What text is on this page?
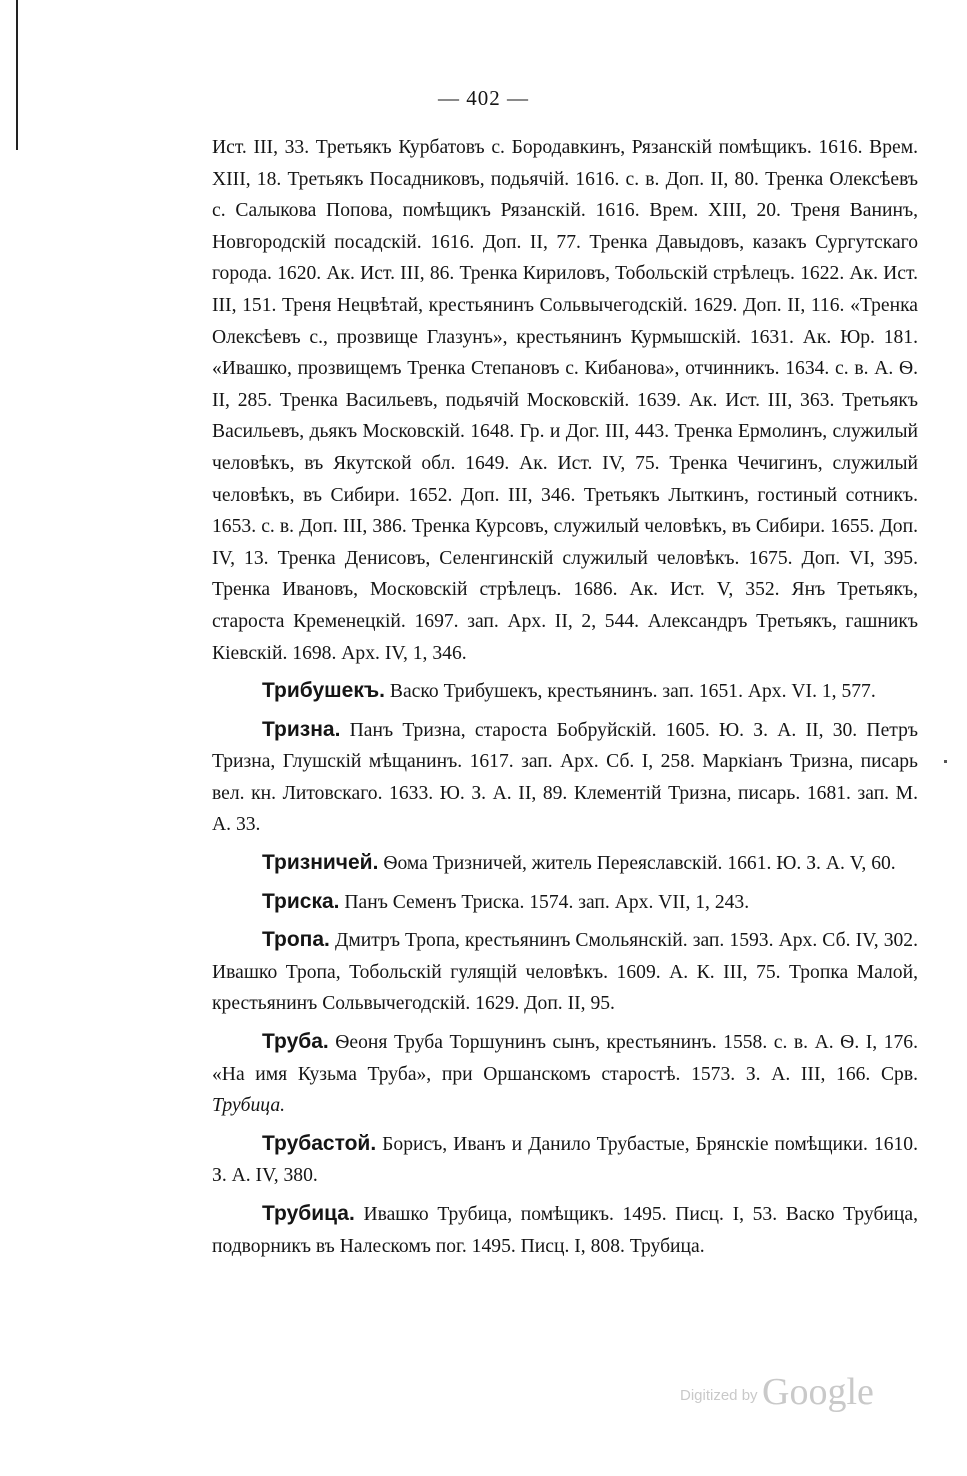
— 402 —

Ист. III, 33. Третьякъ Курбатовъ с. Бородавкинъ, Рязанскій помѣщикъ. 1616. Врем. XIII, 18. Третьякъ Посадниковъ, подьячій. 1616. с. в. Доп. II, 80. Тренка Олексѣевъ с. Салыкова Попова, помѣщикъ Рязанскій. 1616. Врем. XIII, 20. Треня Ванинъ, Новгородскій посадскій. 1616. Доп. II, 77. Тренка Давыдовъ, казакъ Сургутскаго города. 1620. Ак. Ист. III, 86. Тренка Кириловъ, Тобольскій стрѣлецъ. 1622. Ак. Ист. III, 151. Треня Нецвѣтай, крестьянинъ Сольвычегодскій. 1629. Доп. II, 116. «Тренка Олексѣевъ с., прозвище Глазунъ», крестьянинъ Курмышскій. 1631. Ак. Юр. 181. «Ивашко, прозвищемъ Тренка Степановъ с. Кибанова», отчинникъ. 1634. с. в. А. Ѳ. II, 285. Тренка Васильевъ, подьячій Московскій. 1639. Ак. Ист. III, 363. Третьякъ Васильевъ, дьякъ Московскій. 1648. Гр. и Дог. III, 443. Тренка Ермолинъ, служилый человѣкъ, въ Якутской обл. 1649. Ак. Ист. IV, 75. Тренка Чечигинъ, служилый человѣкъ, въ Сибири. 1652. Доп. III, 346. Третьякъ Лыткинъ, гостиный сотникъ. 1653. с. в. Доп. III, 386. Тренка Курсовъ, служилый человѣкъ, въ Сибири. 1655. Доп. IV, 13. Тренка Денисовъ, Селенгинскій служилый человѣкъ. 1675. Доп. VI, 395. Тренка Ивановъ, Московскій стрѣлецъ. 1686. Ак. Ист. V, 352. Янъ Третьякъ, староста Кременецкій. 1697. зап. Арх. II, 2, 544. Александръ Третьякъ, гашникъ Кіевскій. 1698. Арх. IV, 1, 346.

Трибушекъ. Васко Трибушекъ, крестьянинъ. зап. 1651. Арх. VI. 1, 577.

Тризна. Панъ Тризна, староста Бобруйскій. 1605. Ю. З. А. II, 30. Петръ Тризна, Глушскій мѣщанинъ. 1617. зап. Арх. Сб. I, 258. Маркіанъ Тризна, писарь вел. кн. Литовскаго. 1633. Ю. З. А. II, 89. Клементій Тризна, писарь. 1681. зап. М. А. 33.

Тризничей. Ѳома Тризничей, житель Переяславскій. 1661. Ю. З. А. V, 60.

Триска. Панъ Семенъ Триска. 1574. зап. Арх. VII, 1, 243.

Тропа. Дмитръ Тропа, крестьянинъ Смольянскій. зап. 1593. Арх. Сб. IV, 302. Ивашко Тропа, Тобольскій гулящій человѣкъ. 1609. А. К. III, 75. Тропка Малой, крестьянинъ Сольвычегодскій. 1629. Доп. II, 95.

Труба. Ѳеоня Труба Торшунинъ сынъ, крестьянинъ. 1558. с. в. А. Ѳ. I, 176. «На имя Кузьма Труба», при Оршанскомъ старостѣ. 1573. З. А. III, 166. Срв. Трубица.

Трубастой. Борисъ, Иванъ и Данило Трубастые, Брянскіе помѣщики. 1610. З. А. IV, 380.

Трубица. Ивашко Трубица, помѣщикъ. 1495. Писц. I, 53. Васко Трубица, подворникъ въ Налескомъ пог. 1495. Писц. I, 808. Трубица.

Digitized by Google
